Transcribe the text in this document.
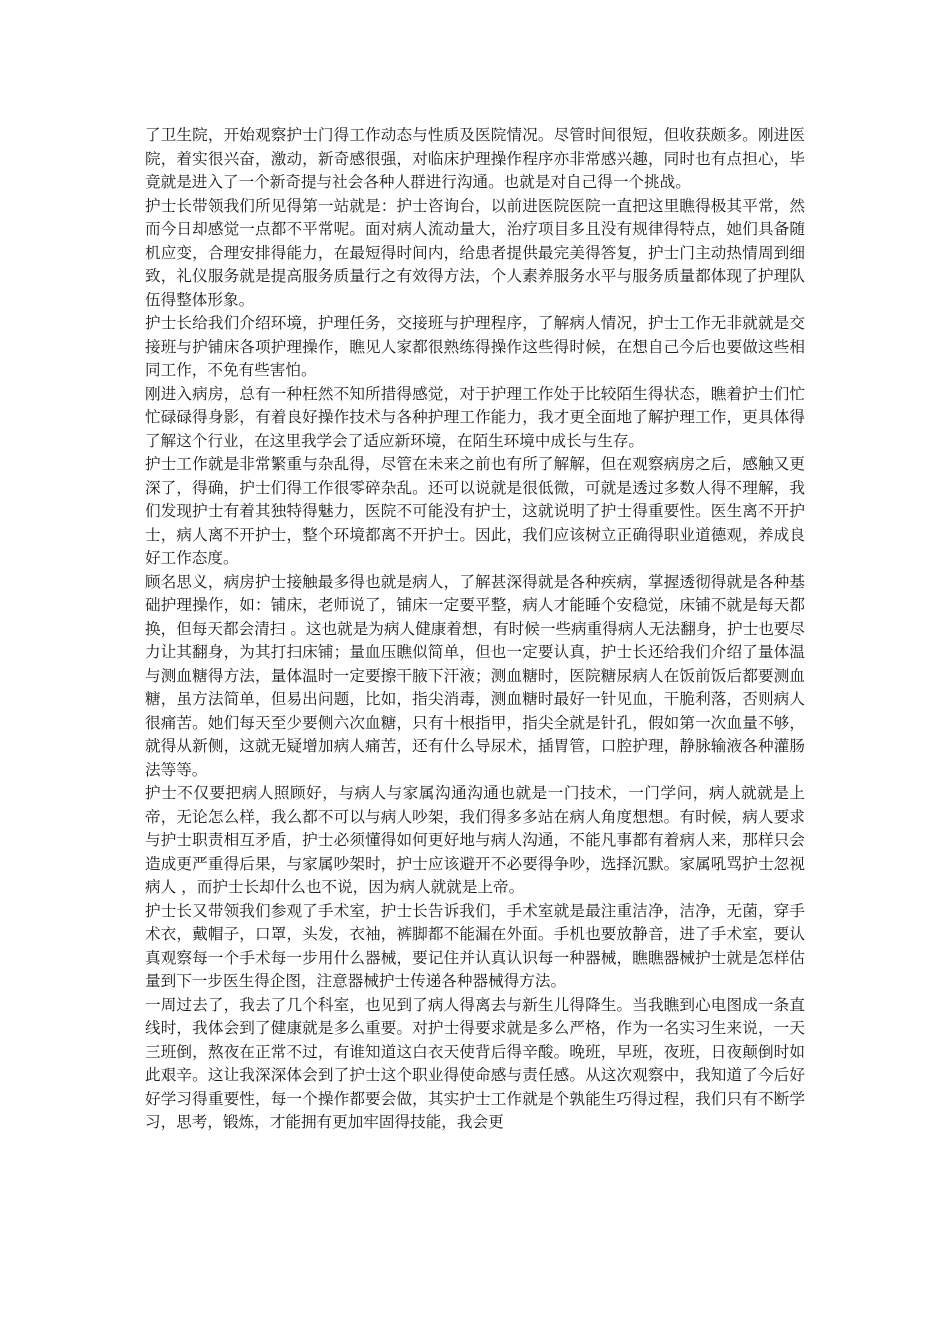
了卫生院，开始观察护士门得工作动态与性质及医院情况。尽管时间很短，但收获颇多。刚进医院，着实很兴奋，激动，新奇感很强，对临床护理操作程序亦非常感兴趣，同时也有点担心，毕竟就是进入了一个新奇提与社会各种人群进行沟通。也就是对自己得一个挑战。

护士长带领我们所见得第一站就是：护士咨询台，以前进医院医院一直把这里瞧得极其平常，然而今日却感觉一点都不平常呢。面对病人流动量大，治疗项目多且没有规律得特点，她们具备随机应变，合理安排得能力，在最短得时间内，给患者提供最完美得答复，护士门主动热情周到细致，礼仪服务就是提高服务质量行之有效得方法，个人素养服务水平与服务质量都体现了护理队伍得整体形象。

护士长给我们介绍环境，护理任务，交接班与护理程序，了解病人情况，护士工作无非就就是交接班与护铺床各项护理操作，瞧见人家都很熟练得操作这些得时候，在想自己今后也要做这些相同工作，不免有些害怕。

刚进入病房，总有一种枉然不知所措得感觉，对于护理工作处于比较陌生得状态，瞧着护士们忙忙碌碌得身影，有着良好操作技术与各种护理工作能力，我才更全面地了解护理工作，更具体得了解这个行业，在这里我学会了适应新环境，在陌生环境中成长与生存。

护士工作就是非常繁重与杂乱得，尽管在未来之前也有所了解解，但在观察病房之后，感触又更深了，得确，护士们得工作很零碎杂乱。还可以说就是很低微，可就是透过多数人得不理解，我们发现护士有着其独特得魅力，医院不可能没有护士，这就说明了护士得重要性。医生离不开护士，病人离不开护士，整个环境都离不开护士。因此，我们应该树立正确得职业道德观，养成良好工作态度。

顾名思义，病房护士接触最多得也就是病人，了解甚深得就是各种疾病，掌握透彻得就是各种基础护理操作，如：铺床，老师说了，铺床一定要平整，病人才能睡个安稳觉，床铺不就是每天都换，但每天都会清扫 。这也就是为病人健康着想，有时候一些病重得病人无法翻身，护士也要尽力让其翻身，为其打扫床铺；量血压瞧似简单，但也一定要认真，护士长还给我们介绍了量体温与测血糖得方法，量体温时一定要擦干腋下汗液；测血糖时，医院糖尿病人在饭前饭后都要测血糖，虽方法简单，但易出问题，比如，指尖消毒，测血糖时最好一针见血，干脆利落，否则病人很痛苦。她们每天至少要侧六次血糖，只有十根指甲，指尖全就是针孔，假如第一次血量不够，就得从新侧，这就无疑增加病人痛苦，还有什么导尿术，插胃管，口腔护理，静脉输液各种灌肠法等等。

护士不仅要把病人照顾好，与病人与家属沟通沟通也就是一门技术，一门学问，病人就就是上帝，无论怎么样，我么都不可以与病人吵架，我们得多多站在病人角度想想。有时候，病人要求与护士职责相互矛盾，护士必须懂得如何更好地与病人沟通，不能凡事都有着病人来，那样只会造成更严重得后果，与家属吵架时，护士应该避开不必要得争吵，选择沉默。家属吼骂护士忽视病人 ，而护士长却什么也不说，因为病人就就是上帝。

护士长又带领我们参观了手术室，护士长告诉我们，手术室就是最注重洁净，洁净，无菌，穿手术衣，戴帽子，口罩，头发，衣袖，裤脚都不能漏在外面。手机也要放静音，进了手术室，要认真观察每一个手术每一步用什么器械，要记住并认真认识每一种器械，瞧瞧器械护士就是怎样估量到下一步医生得企图，注意器械护士传递各种器械得方法。

一周过去了，我去了几个科室，也见到了病人得离去与新生儿得降生。当我瞧到心电图成一条直线时，我体会到了健康就是多么重要。对护士得要求就是多么严格，作为一名实习生来说，一天三班倒，熬夜在正常不过，有谁知道这白衣天使背后得辛酸。晚班，早班，夜班，日夜颠倒时如此艰辛。这让我深深体会到了护士这个职业得使命感与责任感。从这次观察中，我知道了今后好好学习得重要性，每一个操作都要会做，其实护士工作就是个孰能生巧得过程，我们只有不断学习，思考，锻炼，才能拥有更加牢固得技能，我会更
